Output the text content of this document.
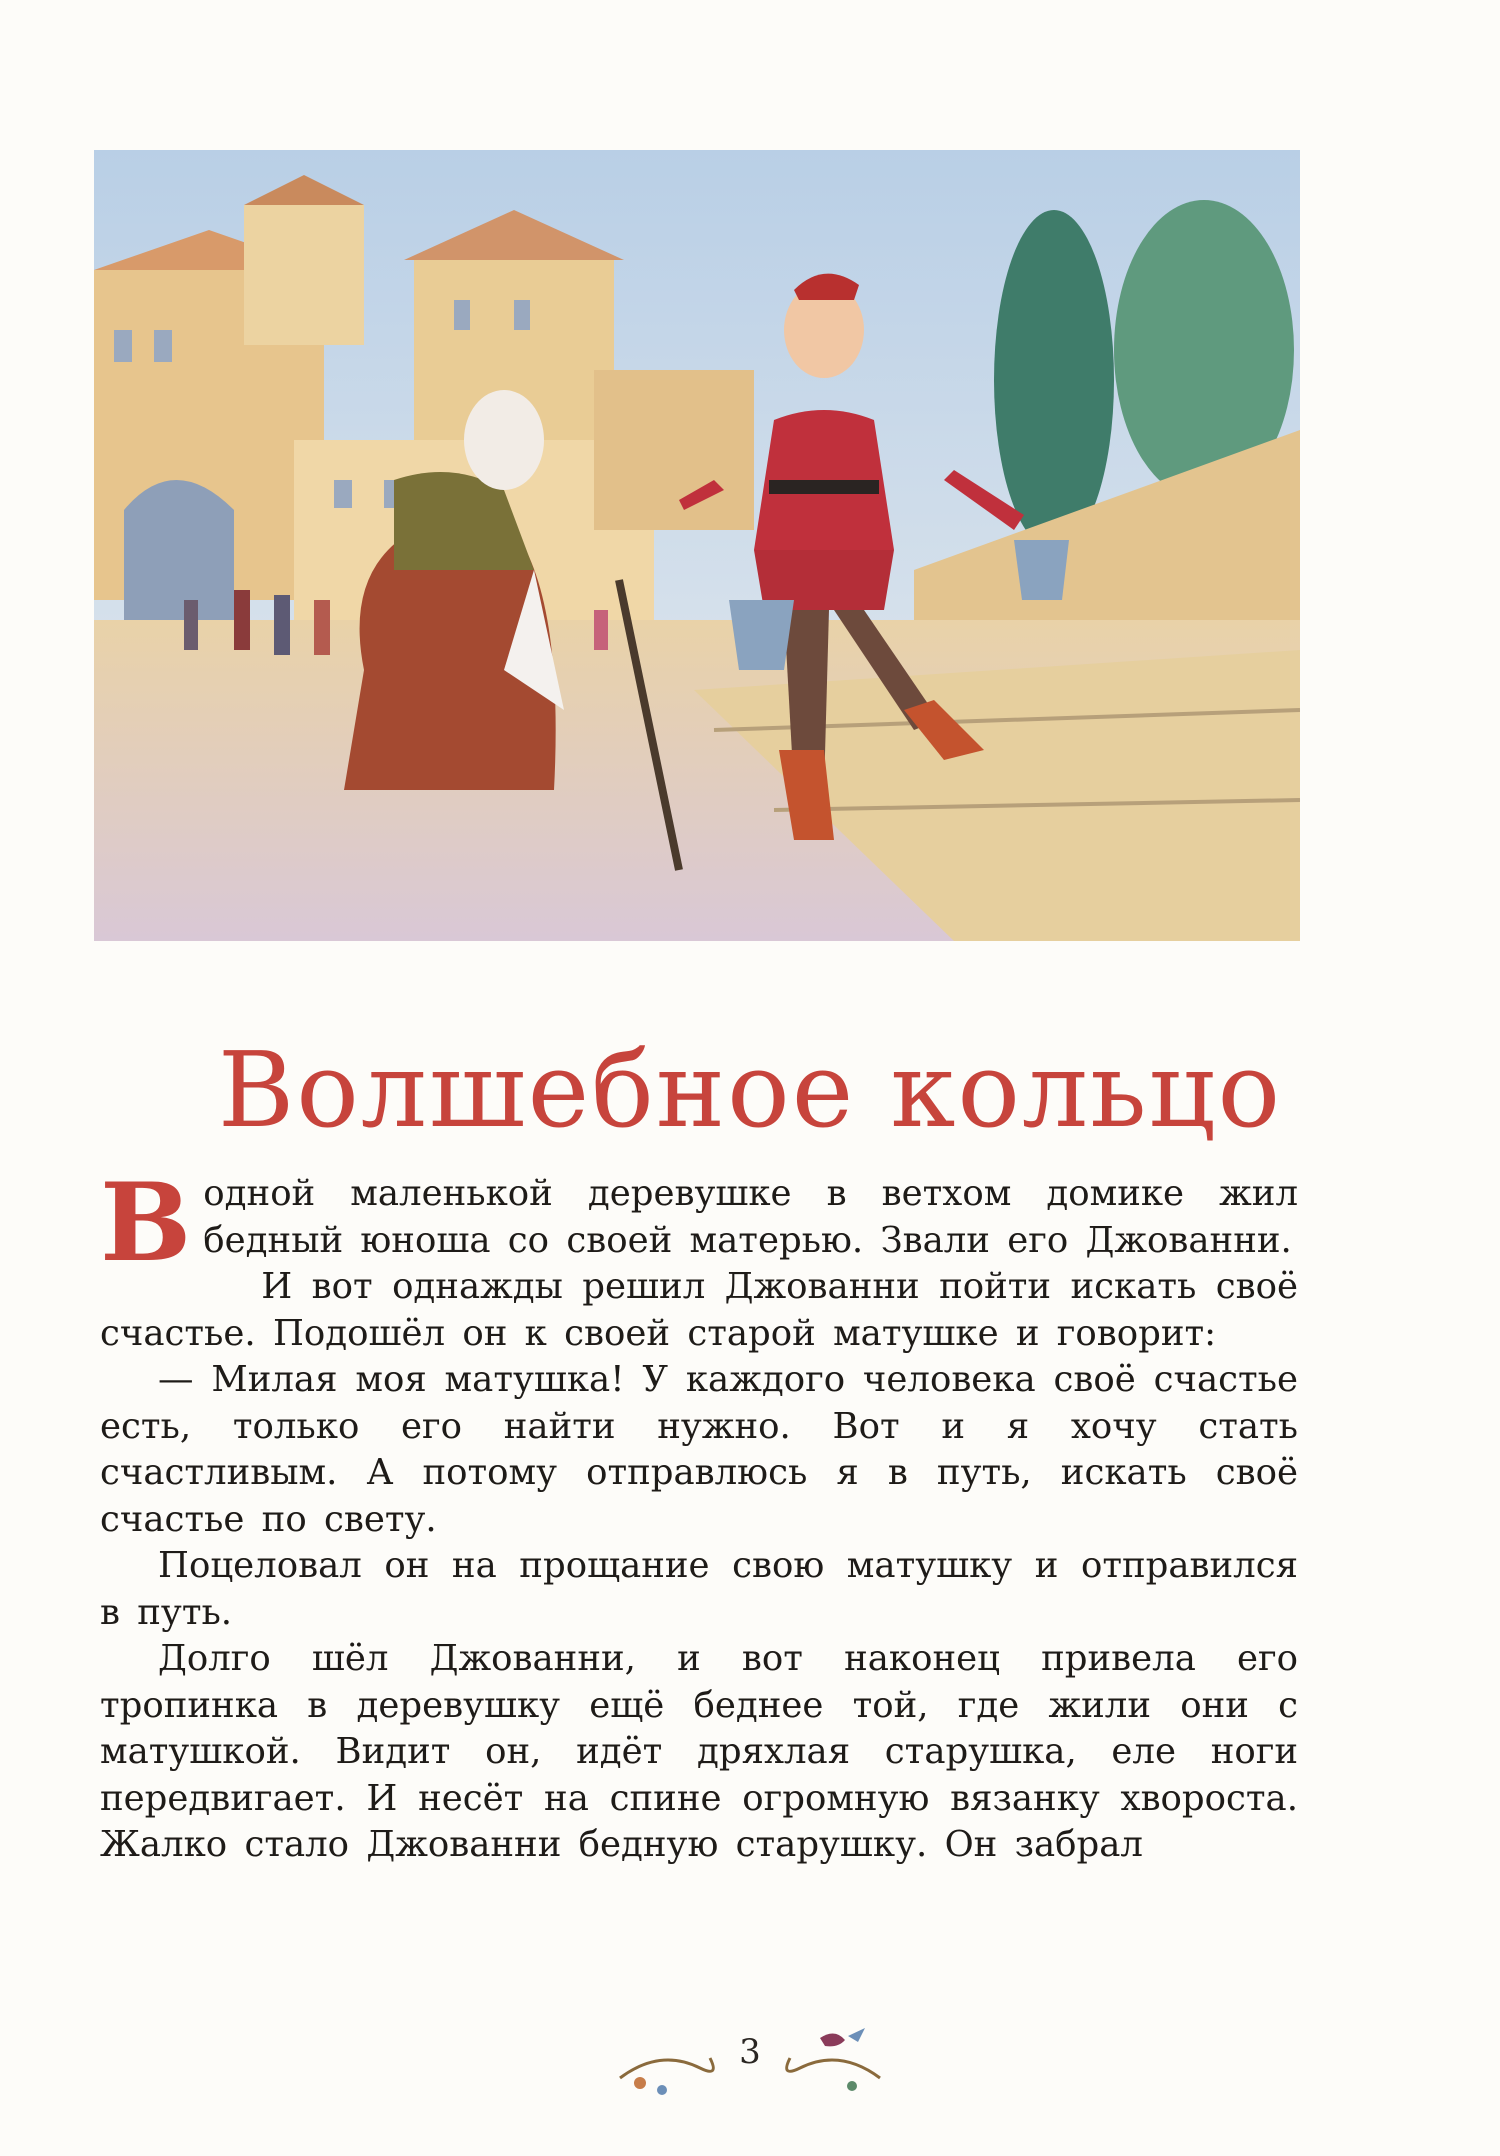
Волшебное кольцо

В одной маленькой деревушке в ветхом домике жил бедный юноша со своей матерью. Звали его Джованни.

И вот однажды решил Джованни пойти искать своё счастье. Подошёл он к своей старой матушке и говорит:

— Милая моя матушка! У каждого человека своё счастье есть, только его найти нужно. Вот и я хочу стать счастливым. А потому отправлюсь я в путь, искать своё счастье по свету.

Поцеловал он на прощание свою матушку и отправился в путь.

Долго шёл Джованни, и вот наконец привела его тропинка в деревушку ещё беднее той, где жили они с матушкой. Видит он, идёт дряхлая старушка, еле ноги передвигает. И несёт на спине огромную вязанку хвороста. Жалко стало Джованни бедную старушку. Он забрал

3
